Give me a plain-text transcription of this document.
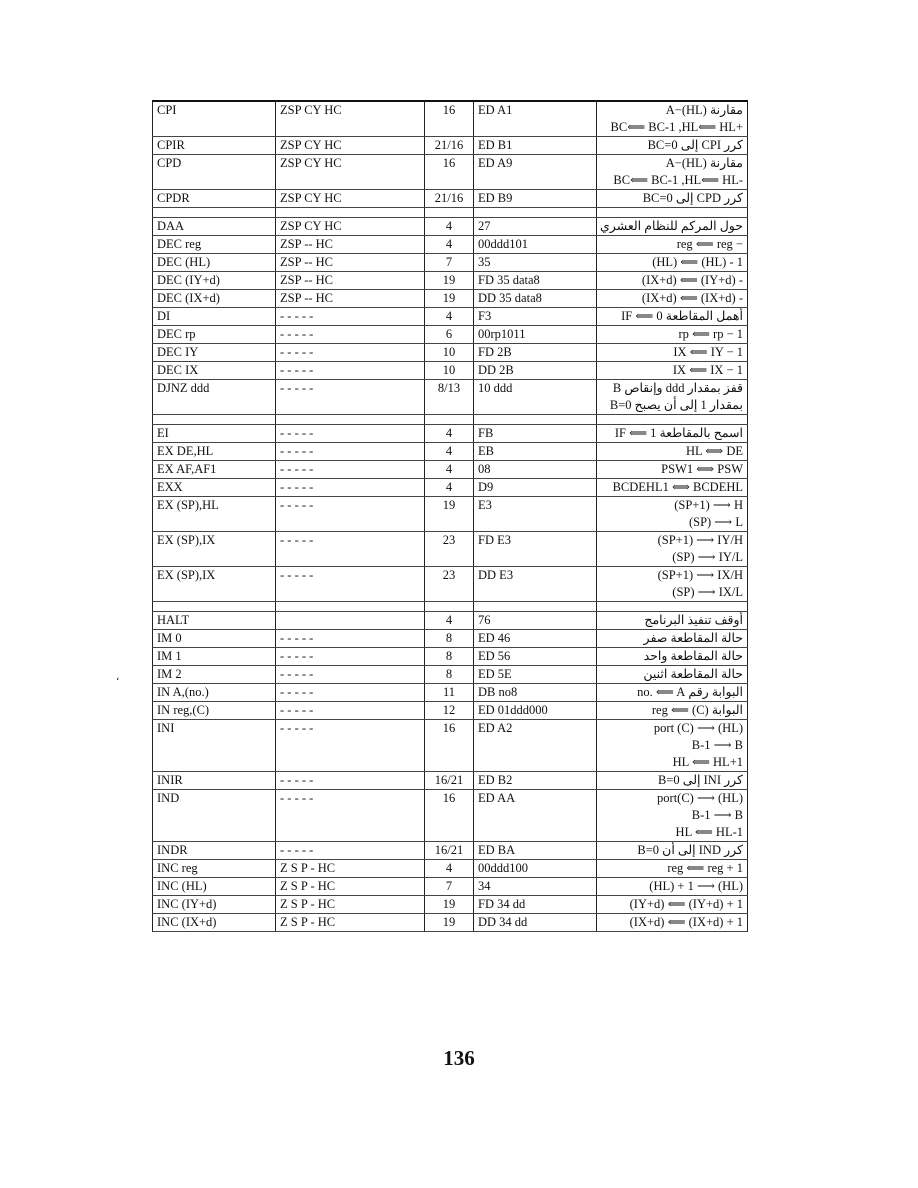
CPI	ZSP CY HC	16	ED A1	مقارنة (HL)−A
BC⟸ BC-1 ,HL⟸ HL+

CPIR	ZSP CY HC	21/16	ED B1	كرر CPI إلى BC=0

CPD	ZSP CY HC	16	ED A9	مقارنة (HL)−A
BC⟸ BC-1 ,HL⟸ HL-

CPDR	ZSP CY HC	21/16	ED B9	كرر CPD إلى BC=0

DAA	ZSP CY HC	4	27	حول المركم للنظام العشري

DEC reg	ZSP -- HC	4	00ddd101	reg ⟸ reg −

DEC (HL)	ZSP -- HC	7	35	(HL) ⟸ (HL) - 1

DEC (IY+d)	ZSP -- HC	19	FD 35 data8	(IX+d) ⟸ (IY+d) -

DEC (IX+d)	ZSP -- HC	19	DD 35 data8	(IX+d) ⟸ (IX+d) -

DI	- - - - -	4	F3	أهمل المقاطعة 0 ⟸ IF

DEC rp	- - - - -	6	00rp1011	rp ⟸ rp − 1

DEC IY	- - - - -	10	FD 2B	IX ⟸ IY − 1

DEC IX	- - - - -	10	DD 2B	IX ⟸ IX − 1

DJNZ ddd	- - - - -	8/13	10 ddd	قفز بمقدار ddd وإنقاص B
بمقدار 1 إلى أن يصبح B=0

EI	- - - - -	4	FB	اسمح بالمقاطعة 1 ⟸ IF

EX DE,HL	- - - - -	4	EB	HL ⟺ DE

EX AF,AF1	- - - - -	4	08	PSW1 ⟺ PSW

EXX	- - - - -	4	D9	BCDEHL1 ⟺ BCDEHL

EX (SP),HL	- - - - -	19	E3	(SP+1) ⟶ H
(SP) ⟶ L

EX (SP),IX	- - - - -	23	FD E3	(SP+1) ⟶ IY/H
(SP) ⟶ IY/L

EX (SP),IX	- - - - -	23	DD E3	(SP+1) ⟶ IX/H
(SP) ⟶ IX/L

HALT		4	76	أوقف تنفيذ البرنامج

IM 0	- - - - -	8	ED 46	حالة المقاطعة صفر

IM 1	- - - - -	8	ED 56	حالة المقاطعة واحد

IM 2	- - - - -	8	ED 5E	حالة المقاطعة اثنين

IN A,(no.)	- - - - -	11	DB no8	البوابة رقم no. ⟸ A

IN reg,(C)	- - - - -	12	ED 01ddd000	البوابة (C) ⟸ reg

INI	- - - - -	16	ED A2	port (C) ⟶ (HL)
B-1 ⟶ B
HL ⟸ HL+1

INIR	- - - - -	16/21	ED B2	كرر INI إلى B=0

IND	- - - - -	16	ED AA	port(C) ⟶ (HL)
B-1 ⟶ B
HL ⟸ HL-1

INDR	- - - - -	16/21	ED BA	كرر IND إلى أن B=0

INC reg	Z S P - HC	4	00ddd100	reg ⟸ reg + 1

INC (HL)	Z S P - HC	7	34	(HL) + 1 ⟶ (HL)

INC (IY+d)	Z S P - HC	19	FD 34 dd	(IY+d) ⟸ (IY+d) + 1

INC (IX+d)	Z S P - HC	19	DD 34 dd	(IX+d) ⟸ (IX+d) + 1
،
136
